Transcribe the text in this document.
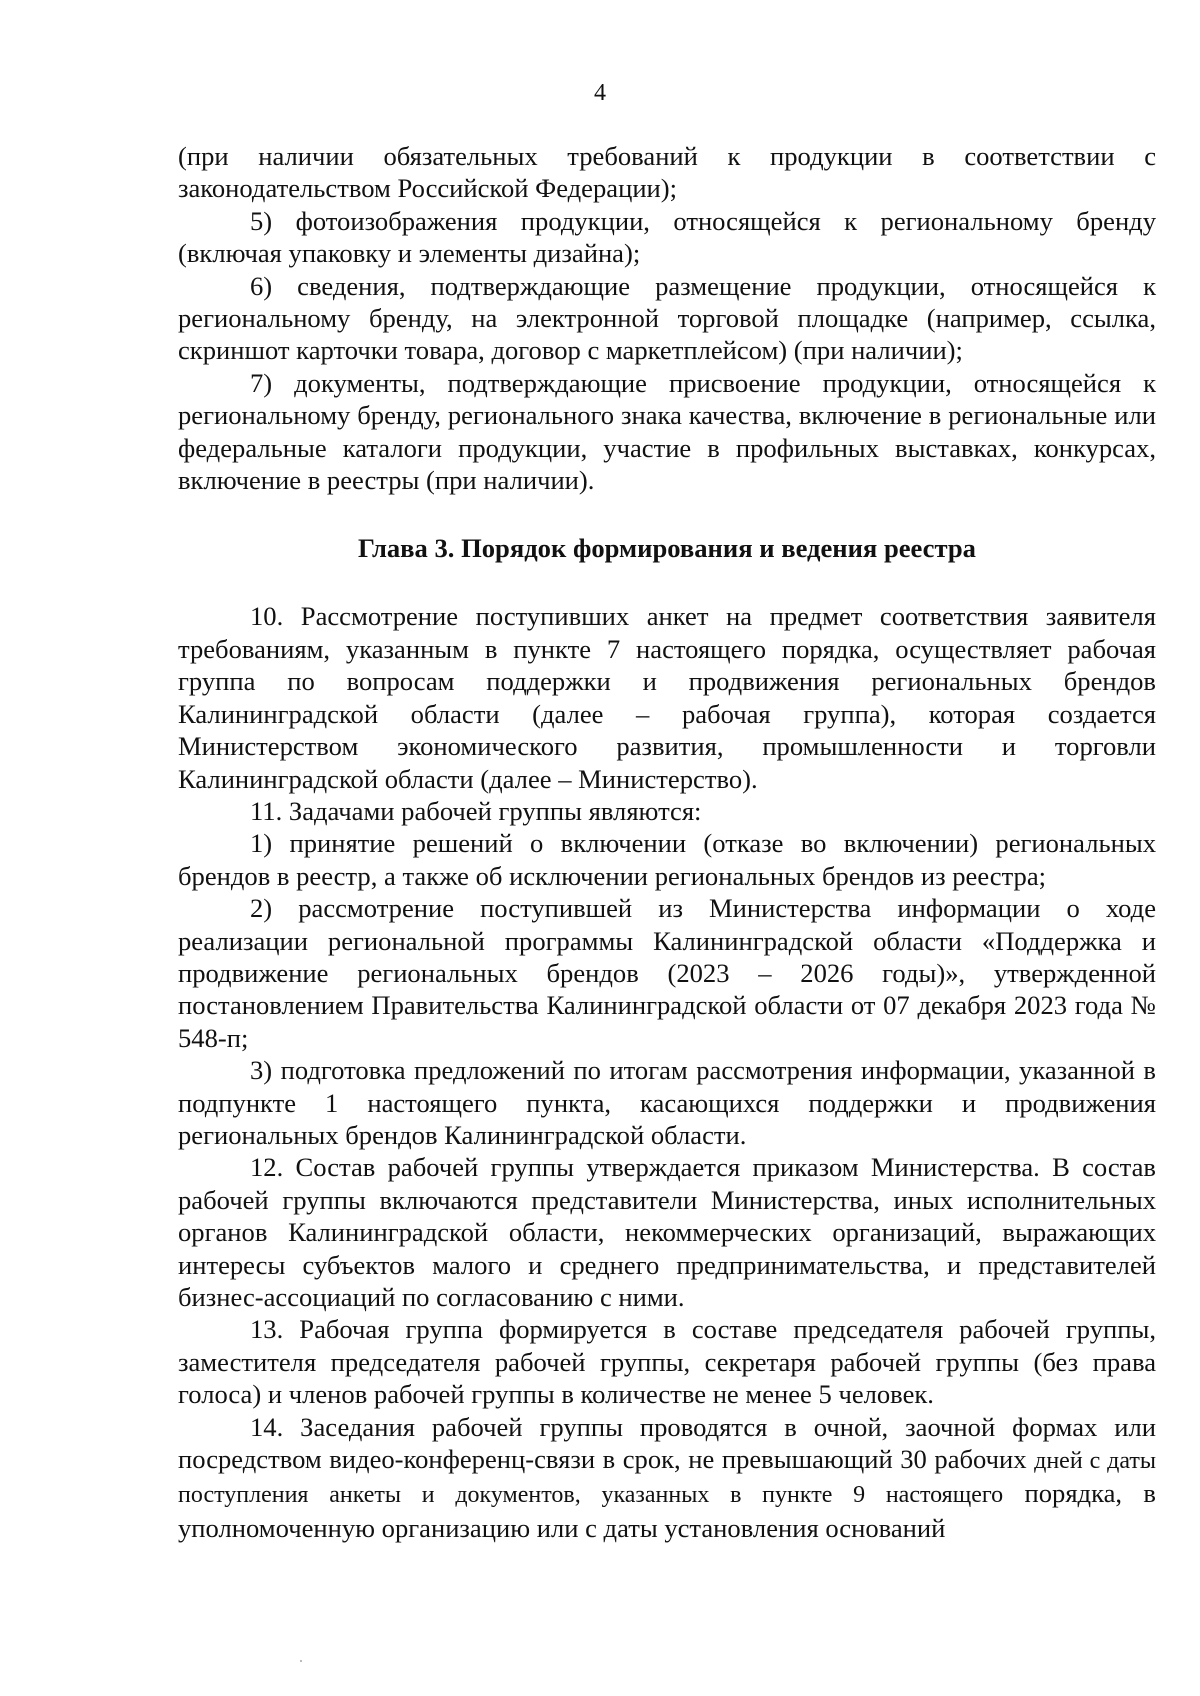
4

(при наличии обязательных требований к продукции в соответствии с законодательством Российской Федерации);

5) фотоизображения продукции, относящейся к региональному бренду (включая упаковку и элементы дизайна);

6) сведения, подтверждающие размещение продукции, относящейся к региональному бренду, на электронной торговой площадке (например, ссылка, скриншот карточки товара, договор с маркетплейсом) (при наличии);

7) документы, подтверждающие присвоение продукции, относящейся к региональному бренду, регионального знака качества, включение в региональные или федеральные каталоги продукции, участие в профильных выставках, конкурсах, включение в реестры (при наличии).

Глава 3. Порядок формирования и ведения реестра

10. Рассмотрение поступивших анкет на предмет соответствия заявителя требованиям, указанным в пункте 7 настоящего порядка, осуществляет рабочая группа по вопросам поддержки и продвижения региональных брендов Калининградской области (далее – рабочая группа), которая создается Министерством экономического развития, промышленности и торговли Калининградской области (далее – Министерство).

11. Задачами рабочей группы являются:

1) принятие решений о включении (отказе во включении) региональных брендов в реестр, а также об исключении региональных брендов из реестра;

2) рассмотрение поступившей из Министерства информации о ходе реализации региональной программы Калининградской области «Поддержка и продвижение региональных брендов (2023 – 2026 годы)», утвержденной постановлением Правительства Калининградской области от 07 декабря 2023 года № 548-п;

3) подготовка предложений по итогам рассмотрения информации, указанной в подпункте 1 настоящего пункта, касающихся поддержки и продвижения региональных брендов Калининградской области.

12. Состав рабочей группы утверждается приказом Министерства. В состав рабочей группы включаются представители Министерства, иных исполнительных органов Калининградской области, некоммерческих организаций, выражающих интересы субъектов малого и среднего предпринимательства, и представителей бизнес-ассоциаций по согласованию с ними.

13. Рабочая группа формируется в составе председателя рабочей группы, заместителя председателя рабочей группы, секретаря рабочей группы (без права голоса) и членов рабочей группы в количестве не менее 5 человек.

14. Заседания рабочей группы проводятся в очной, заочной формах или посредством видео-конференц-связи в срок, не превышающий 30 рабочих дней с даты поступления анкеты и документов, указанных в пункте 9 настоящего порядка, в уполномоченную организацию или с даты установления оснований
